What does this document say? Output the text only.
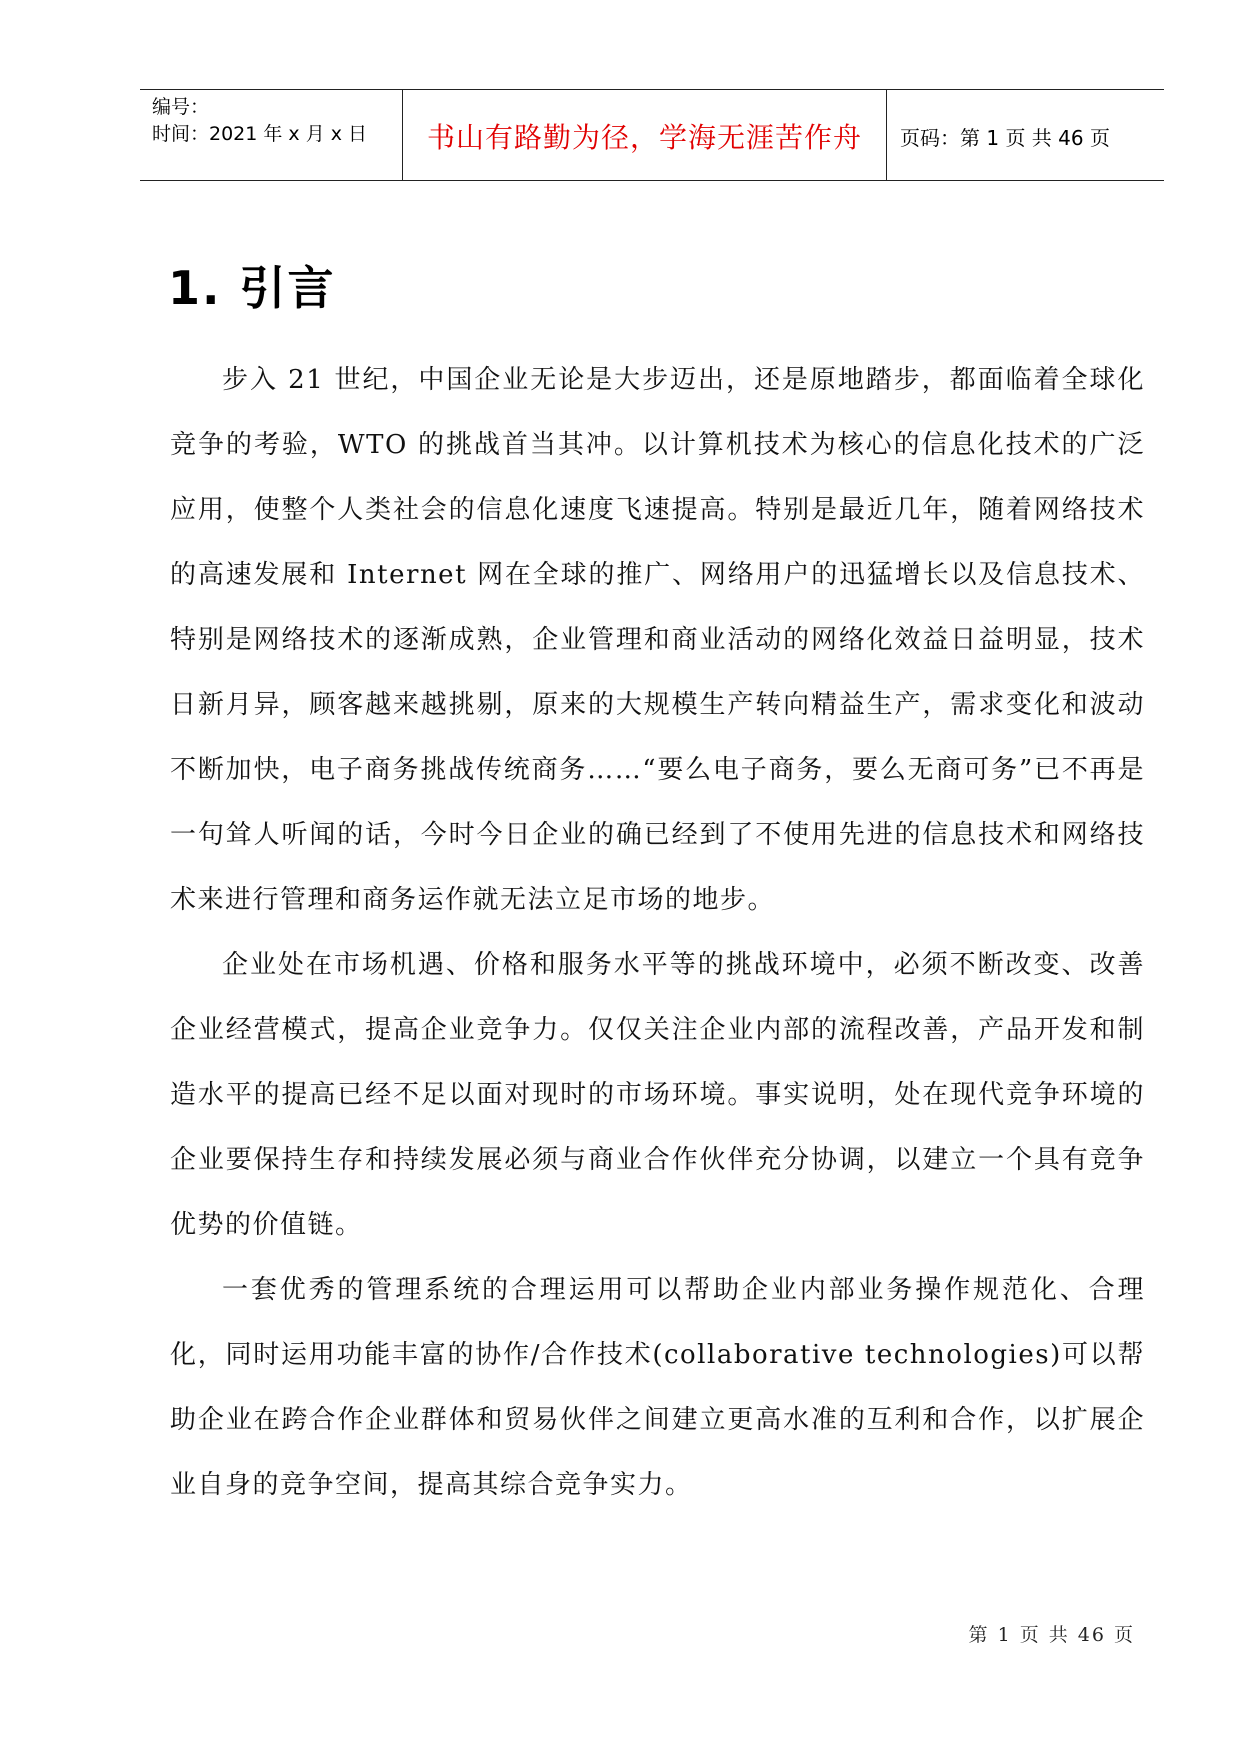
编号：
时间：2021 年 x 月 x 日	书山有路勤为径，学海无涯苦作舟	页码：第 1 页 共 46 页
1. 引言

步入 21 世纪，中国企业无论是大步迈出，还是原地踏步，都面临着全球化竞争的考验，WTO 的挑战首当其冲。以计算机技术为核心的信息化技术的广泛应用，使整个人类社会的信息化速度飞速提高。特别是最近几年，随着网络技术的高速发展和 Internet 网在全球的推广、网络用户的迅猛增长以及信息技术、特别是网络技术的逐渐成熟，企业管理和商业活动的网络化效益日益明显，技术日新月异，顾客越来越挑剔，原来的大规模生产转向精益生产，需求变化和波动不断加快，电子商务挑战传统商务……“要么电子商务，要么无商可务”已不再是一句耸人听闻的话，今时今日企业的确已经到了不使用先进的信息技术和网络技术来进行管理和商务运作就无法立足市场的地步。

企业处在市场机遇、价格和服务水平等的挑战环境中，必须不断改变、改善企业经营模式，提高企业竞争力。仅仅关注企业内部的流程改善，产品开发和制造水平的提高已经不足以面对现时的市场环境。事实说明，处在现代竞争环境的企业要保持生存和持续发展必须与商业合作伙伴充分协调，以建立一个具有竞争优势的价值链。

一套优秀的管理系统的合理运用可以帮助企业内部业务操作规范化、合理化，同时运用功能丰富的协作/合作技术(collaborative technologies)可以帮助企业在跨合作企业群体和贸易伙伴之间建立更高水准的互利和合作，以扩展企业自身的竞争空间，提高其综合竞争实力。

第 1 页 共 46 页
